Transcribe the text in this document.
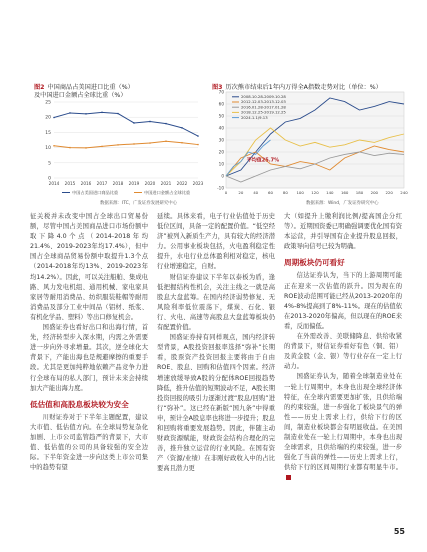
图2 中国商品占美国进口比重（%）
及中国进口金额占全球比重（%）

0
5
10
15
20
25
2014 2015 2016 2017 2018 2019 2020 2021 2022 2023
中国占美国进口商品比重	中国进口金额占全球比重
数据来源：ITC，广发证券发展研究中心

图3 历次熊市结束后1年内万得全A指数走势对比（单位：%）

-10
0
10
20
30
40
50
60
70
0	20	40	60	80 100 120 140 160 180 200 220 240
2008.10.28-2009.10.28
2012.12.03-2013.12.03
2016.01.28-2017.01.28
2018.12.25-2019.12.25
2024.1.1/9.13
平均值25.7%
数据来源：Wind，广发证券研究中心

征关税并未改变中国占全球出口贸易份额，尽管中国占美国商品进口市场份额中取下降4.0个点（2014-2018年均21.4%、2019-2023年均17.4%），但中国占全球商品贸易份额中取提升1.3个点（2014-2018年均13%、2019-2023年均14.2%）。因此，可以关注船舶、集成电路、风力发电机组、通用机械、家电家具家居等耐用消费品、纺织服装鞋帽等耐用消费品及部分工业中间品（铝材、纸浆、有机化学品、塑料）等出口修复机会。

国盛证券也看好出口和出海行情，首先，经济转型步入深水期，内需之外需要进一步向外寻求增量。其次，逆全球化大背景下，产能出海也是规避摩擦的重要手段。尤其是更加纯粹地依赖产品竞争力进行全球布局的私人部门，预计未来会持续加大产能出海力度。

低估值和高股息板块较为安全

川财证券对于下半年主题配置，建议大市值、低估值方向。在全球局势复杂化加剧、上市公司监管趋严的背景下，大市值、低估值的公司的具备较强的安全边际。下半年资金进一步向这类上市公司集中的趋势有望

延续。具体来看，电子行业估值处于历史低位区间，具备一定的配置价值。“低空经济”被列入新质生产力，具有较大的经济潜力。公用事业板块包括，火电盈利稳定性提升，水电行业总体盈利相对稳定，核电行业增速稳定，自财。

财信证券建议下半年以泰板为盾，逢低把握结构性机会，关注主线之一就是高股息大盘蓝筹。在国内经济弱势修复、无风险利率低位震荡下，煤炭、石化、银行、火电、高速等高股息大盘蓝筹板块仍有配置价值。

国盛证券持有同样观点，国内经济转型背景，A股投资回报率选择“弥补”长期看，股票资产投资回报主要将由于自由ROE、股息、回购和估值四个因素。经济增速放缓导致A股的分配体ROE回报趋势降低，推升估值的短期波动不足，A股长期投资回报的吸引力逐渐过渡“股息/回购”进行“弥补”。这已经在新版“国九条”中得重申，预计全A股息率也将进一步提升；股息和回购将重要发展趋势。因此，伴随主动财政资源赋能，财政资金结构合理化的完善，推升独立运营的行业风险。在国有资产（资源/业绩）在非刚好政收入中的占比要高且潜力更

大（如提升上缴利润比例/提高国企分红等）。近期国资委已明确强调要优化国有资本运营，并引导国有企业提升股息回报，政策导向信号已较为明确。

周期板块仍可看好

信达证券认为，当下的上游周期可能正在迎来一次估值的跃升。因为现在的ROE波动范围可能已经从2013-2020年的4%-8%提高到了8%-11%。现在的估值依在2013-2020年偏高，但以现在的ROE来看，反而偏低。

在外需改善、美联储降息、供给收紧的背景下，财信证券看好有色（铜、铝）及黄金股（金、银）等行业存在一定上行动力。

国盛证券认为，随着全球制造业处在一轮上行周期中，本身也出现全球经济体特征，在全球内需要更加扩张，且供给端的约束较强，进一步强化了板块景气的弹性——历史上需求上行，供给下行的区间，制造业板块都会有明显收益。在美国制造业处在一轮上行周期中，本身也出现全球需求，且供给端的约束较强，进一步强化了当前的弹性——历史上需求上行，供给下行的区间周期行业都有明显牛市。

55
